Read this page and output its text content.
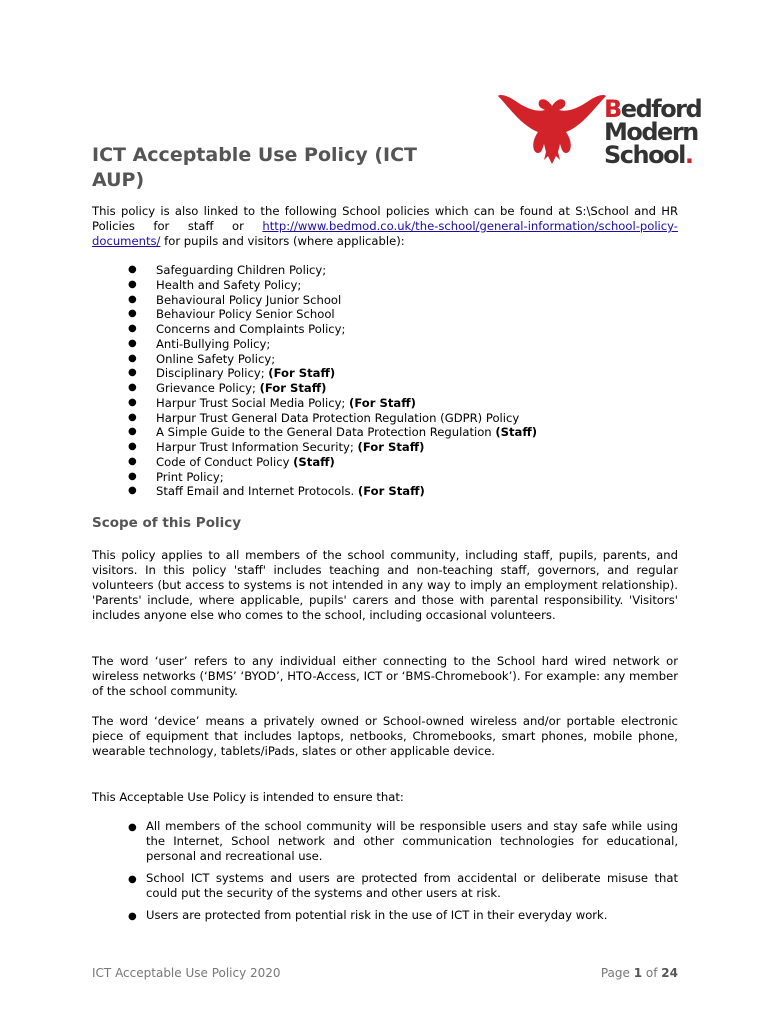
Bedford
Modern
School.
ICT Acceptable Use Policy (ICT AUP)

This policy is also linked to the following School policies which can be found at S:\School and HR Policies for staff or http://www.bedmod.co.uk/the-school/general-information/school-policy-documents/ for pupils and visitors (where applicable):

● Safeguarding Children Policy;
● Health and Safety Policy;
● Behavioural Policy Junior School
● Behaviour Policy Senior School
● Concerns and Complaints Policy;
● Anti-Bullying Policy;
● Online Safety Policy;
● Disciplinary Policy; (For Staff)
● Grievance Policy; (For Staff)
● Harpur Trust Social Media Policy; (For Staff)
● Harpur Trust General Data Protection Regulation (GDPR) Policy
● A Simple Guide to the General Data Protection Regulation (Staff)
● Harpur Trust Information Security; (For Staff)
● Code of Conduct Policy (Staff)
● Print Policy;
● Staff Email and Internet Protocols. (For Staff)
Scope of this Policy

This policy applies to all members of the school community, including staff, pupils, parents, and visitors. In this policy 'staff' includes teaching and non-teaching staff, governors, and regular volunteers (but access to systems is not intended in any way to imply an employment relationship). 'Parents' include, where applicable, pupils' carers and those with parental responsibility. 'Visitors' includes anyone else who comes to the school, including occasional volunteers.

The word ‘user’ refers to any individual either connecting to the School hard wired network or wireless networks (‘BMS’ ‘BYOD’, HTO-Access, ICT or ‘BMS-Chromebook’). For example: any member of the school community.

The word ‘device’ means a privately owned or School-owned wireless and/or portable electronic piece of equipment that includes laptops, netbooks, Chromebooks, smart phones, mobile phone, wearable technology, tablets/iPads, slates or other applicable device.

This Acceptable Use Policy is intended to ensure that:

● All members of the school community will be responsible users and stay safe while using the Internet, School network and other communication technologies for educational, personal and recreational use.
● School ICT systems and users are protected from accidental or deliberate misuse that could put the security of the systems and other users at risk.
● Users are protected from potential risk in the use of ICT in their everyday work.
ICT Acceptable Use Policy 2020	Page 1 of 24
